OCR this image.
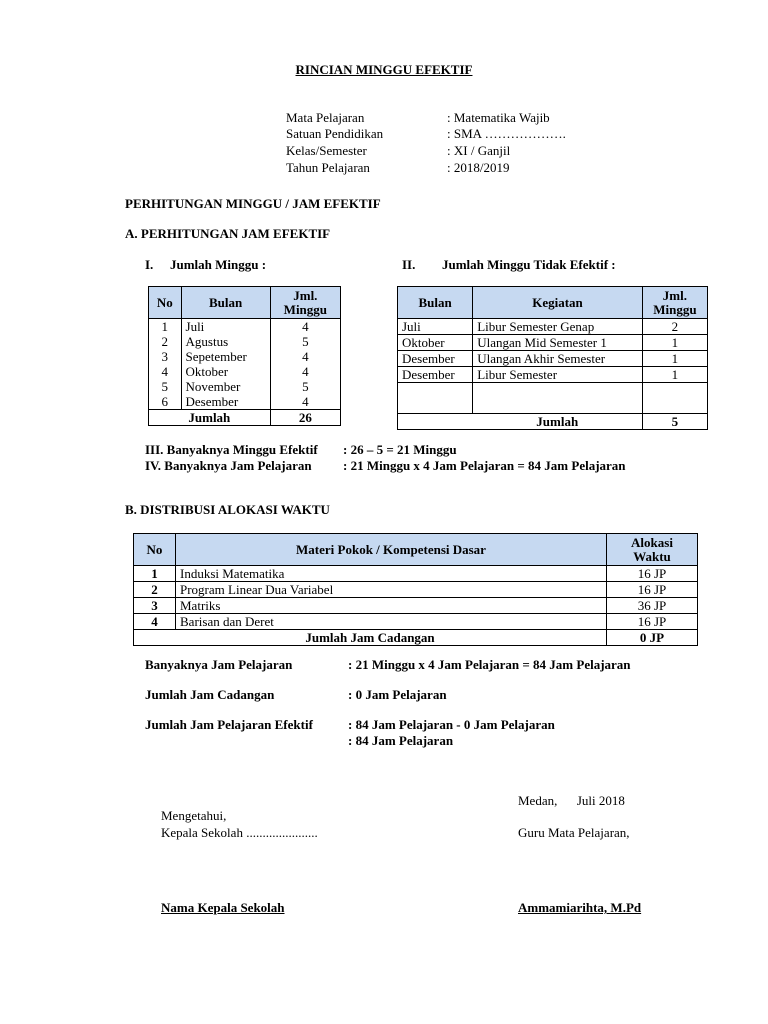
RINCIAN MINGGU EFEKTIF
Mata Pelajaran	: Matematika Wajib
Satuan Pendidikan	: SMA ……………….
Kelas/Semester	: XI / Ganjil
Tahun Pelajaran	: 2018/2019
PERHITUNGAN MINGGU / JAM EFEKTIF
A. PERHITUNGAN JAM EFEKTIF
I. Jumlah Minggu :	II. Jumlah Minggu Tidak Efektif :
No	Bulan	Jml. Minggu
1	Juli	4
2	Agustus	5
3	Sepetember	4
4	Oktober	4
5	November	5
6	Desember	4
Jumlah		26
Bulan	Kegiatan	Jml. Minggu
Juli	Libur Semester Genap	2
Oktober	Ulangan Mid Semester 1	1
Desember	Ulangan Akhir Semester	1
Desember	Libur Semester	1

	Jumlah	5
III. Banyaknya Minggu Efektif : 26 – 5 = 21 Minggu
IV. Banyaknya Jam Pelajaran : 21 Minggu x 4 Jam Pelajaran = 84 Jam Pelajaran
B. DISTRIBUSI ALOKASI WAKTU
No	Materi Pokok / Kompetensi Dasar	Alokasi Waktu
1	Induksi Matematika	16 JP
2	Program Linear Dua Variabel	16 JP
3	Matriks	36 JP
4	Barisan dan Deret	16 JP
Jumlah Jam Cadangan		0 JP
Banyaknya Jam Pelajaran	: 21 Minggu x 4 Jam Pelajaran = 84 Jam Pelajaran
Jumlah Jam Cadangan	: 0 Jam Pelajaran
Jumlah Jam Pelajaran Efektif	: 84 Jam Pelajaran - 0 Jam Pelajaran
: 84 Jam Pelajaran
Medan,      Juli 2018
Mengetahui,
Kepala Sekolah ......................	Guru Mata Pelajaran,
Nama Kepala Sekolah	Ammamiarihta, M.Pd
